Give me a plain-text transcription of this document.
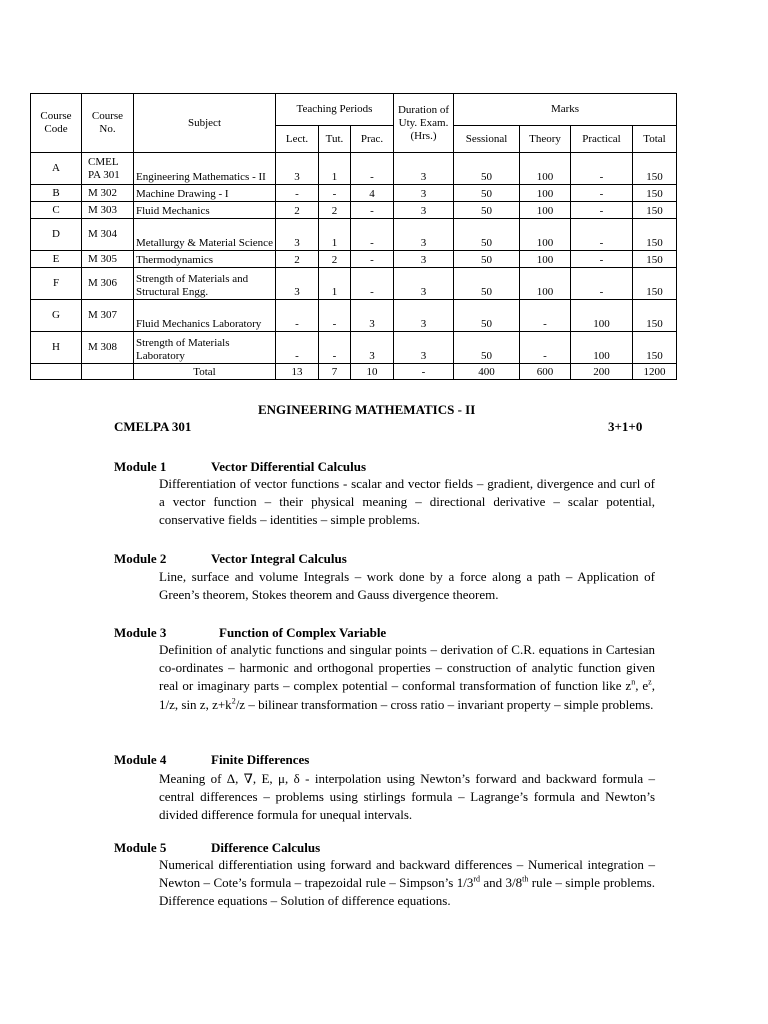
Course Code	Course No.	Subject	Teaching Periods			Duration of Uty. Exam. (Hrs.)	Marks			
			Lect.	Tut.	Prac.		Sessional	Theory	Practical	Total
A	CMEL PA 301	Engineering Mathematics - II	3	1	-	3	50	100	-	150
B	M 302	Machine Drawing - I	-	-	4	3	50	100	-	150
C	M 303	Fluid Mechanics	2	2	-	3	50	100	-	150
D	M 304	Metallurgy & Material Science	3	1	-	3	50	100	-	150
E	M 305	Thermodynamics	2	2	-	3	50	100	-	150
F	M 306	Strength of Materials and Structural Engg.	3	1	-	3	50	100	-	150
G	M 307	Fluid Mechanics Laboratory	-	-	3	3	50	-	100	150
H	M 308	Strength of Materials Laboratory	-	-	3	3	50	-	100	150
		Total	13	7	10	-	400	600	200	1200
ENGINEERING MATHEMATICS - II
CMELPA 301	3+1+0
Module 1	Vector Differential Calculus
Differentiation of vector functions - scalar and vector fields – gradient, divergence and curl of a vector function – their physical meaning – directional derivative – scalar potential, conservative fields – identities – simple problems.
Module 2	Vector Integral Calculus
Line, surface and volume Integrals – work done by a force along a path – Application of Green’s theorem, Stokes theorem and Gauss divergence theorem.
Module 3	Function of Complex Variable
Definition of analytic functions and singular points – derivation of C.R. equations in Cartesian co-ordinates – harmonic and orthogonal properties – construction of analytic function given real or imaginary parts – complex potential – conformal transformation of function like $z^n$, $e^z$, 1/z, sin z, $z+k^2/z$ – bilinear transformation – cross ratio – invariant property – simple problems.
Module 4	Finite Differences
Meaning of Δ, ∇, E, μ, δ - interpolation using Newton’s forward and backward formula – central differences – problems using stirlings formula – Lagrange’s formula and Newton’s divided difference formula for unequal intervals.
Module 5	Difference Calculus
Numerical differentiation using forward and backward differences – Numerical integration – Newton – Cote’s formula – trapezoidal rule – Simpson’s 1/3rd and 3/8th rule – simple problems. Difference equations – Solution of difference equations.
